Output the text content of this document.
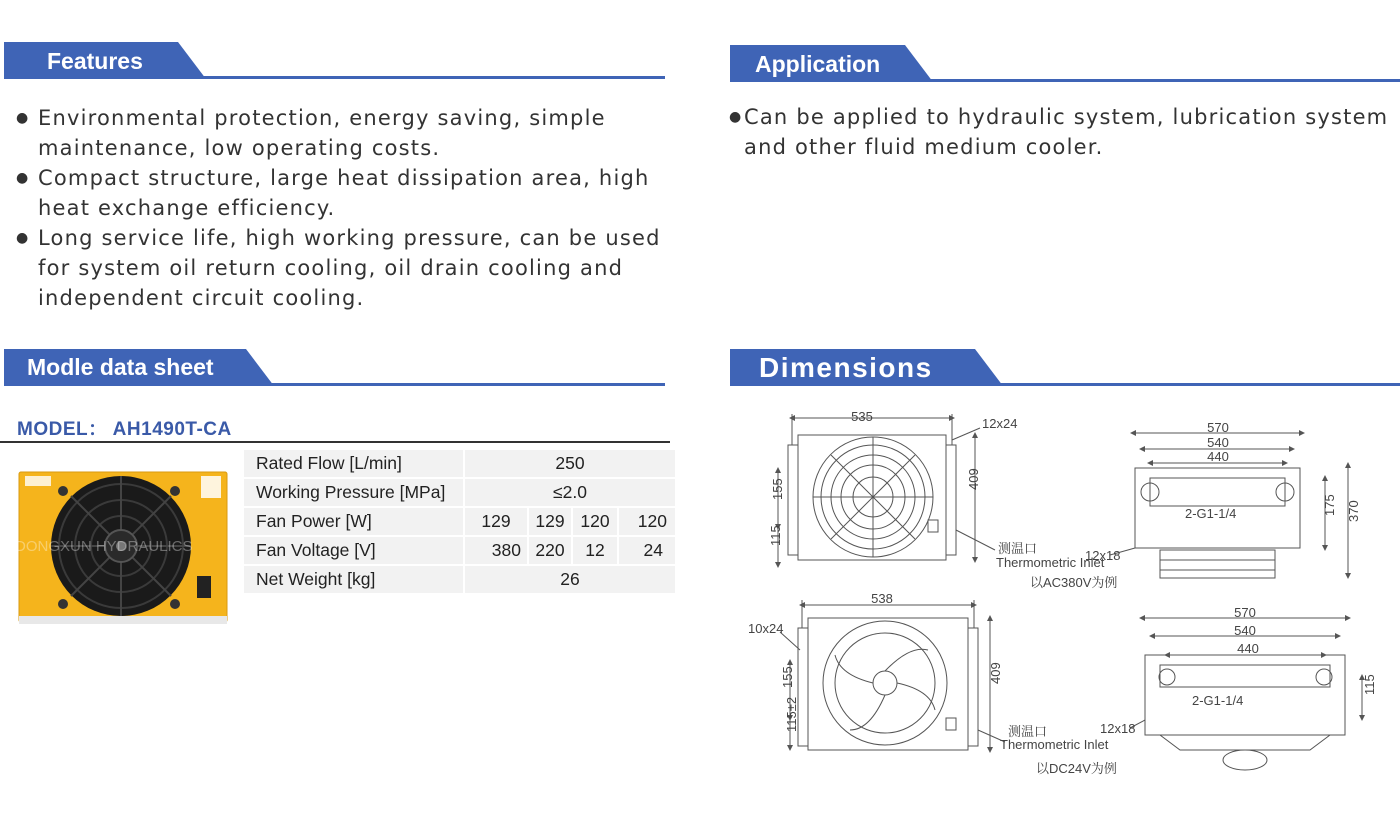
Features
● Environmental protection, energy saving, simple
maintenance, low operating costs.
● Compact structure, large heat dissipation area, high
heat exchange efficiency.
● Long service life, high working pressure, can be used
for system oil return cooling, oil drain cooling and
independent circuit cooling.
Application
● Can be applied to hydraulic system, lubrication system
and other fluid medium cooler.
Modle data sheet
MODEL： AH1490T-CA
DONGXUN HYDRAULICS
Rated Flow [L/min]	250			
Working Pressure [MPa]	≤2.0			
Fan Power [W]	129	129	120	120
Fan Voltage [V]	380	220	12	24
Net Weight [kg]	26			
Dimensions
535	12x24
409
155
115
测温口
Thermometric Inlet
570
540
440
2-G1-1/4	175 370
12x18
以AC380V为例
538
10x24
409
155
115±2	测温口
Thermometric Inlet
以DC24V为例
570
540
440
2-G1-1/4
115
12x18
